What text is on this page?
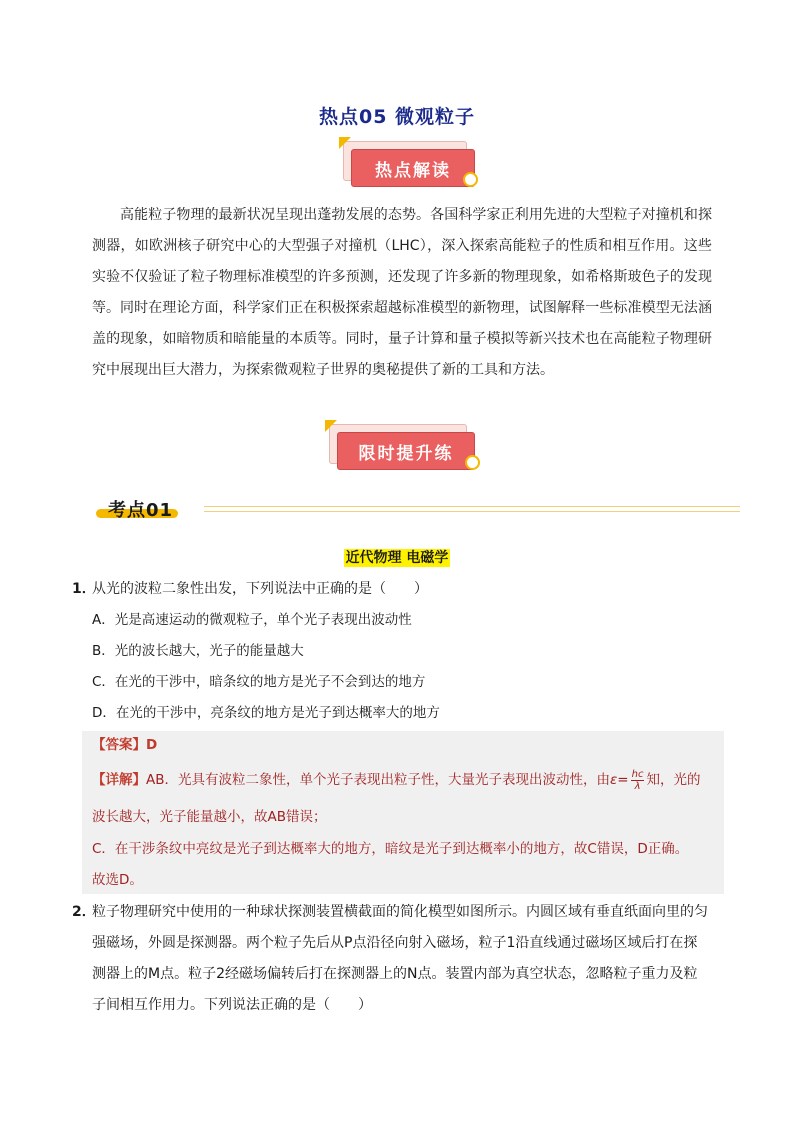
热点05 微观粒子
热点解读
高能粒子物理的最新状况呈现出蓬勃发展的态势。各国科学家正利用先进的大型粒子对撞机和探测器，如欧洲核子研究中心的大型强子对撞机（LHC），深入探索高能粒子的性质和相互作用。这些实验不仅验证了粒子物理标准模型的许多预测，还发现了许多新的物理现象，如希格斯玻色子的发现等。 同时在理论方面，科学家们正在积极探索超越标准模型的新物理，试图解释一些标准模型无法涵盖的现象，如暗物质和暗能量的本质等。同时，量子计算和量子模拟等新兴技术也在高能粒子物理研究中展现出巨大潜力，为探索微观粒子世界的奥秘提供了新的工具和方法。
限时提升练
考点01
近代物理 电磁学
1．从光的波粒二象性出发，下列说法中正确的是（　　）
A．光是高速运动的微观粒子，单个光子表现出波动性
B．光的波长越大，光子的能量越大
C．在光的干涉中，暗条纹的地方是光子不会到达的地方
D．在光的干涉中，亮条纹的地方是光子到达概率大的地方
【答案】D
【详解】AB．光具有波粒二象性，单个光子表现出粒子性，大量光子表现出波动性，由$\varepsilon= \frac{hc}{\lambda}$ 知，光的
波长越大，光子能量越小，故AB错误；
C．在干涉条纹中亮纹是光子到达概率大的地方，暗纹是光子到达概率小的地方，故C错误，D正确。
故选D。
2．粒子物理研究中使用的一种球状探测装置横截面的简化模型如图所示。内圆区域有垂直纸面向里的匀
强磁场，外圆是探测器。两个粒子先后从P点沿径向射入磁场，粒子1沿直线通过磁场区域后打在探
测器上的M点。粒子2经磁场偏转后打在探测器上的N点。装置内部为真空状态，忽略粒子重力及粒
子间相互作用力。下列说法正确的是（　　）
